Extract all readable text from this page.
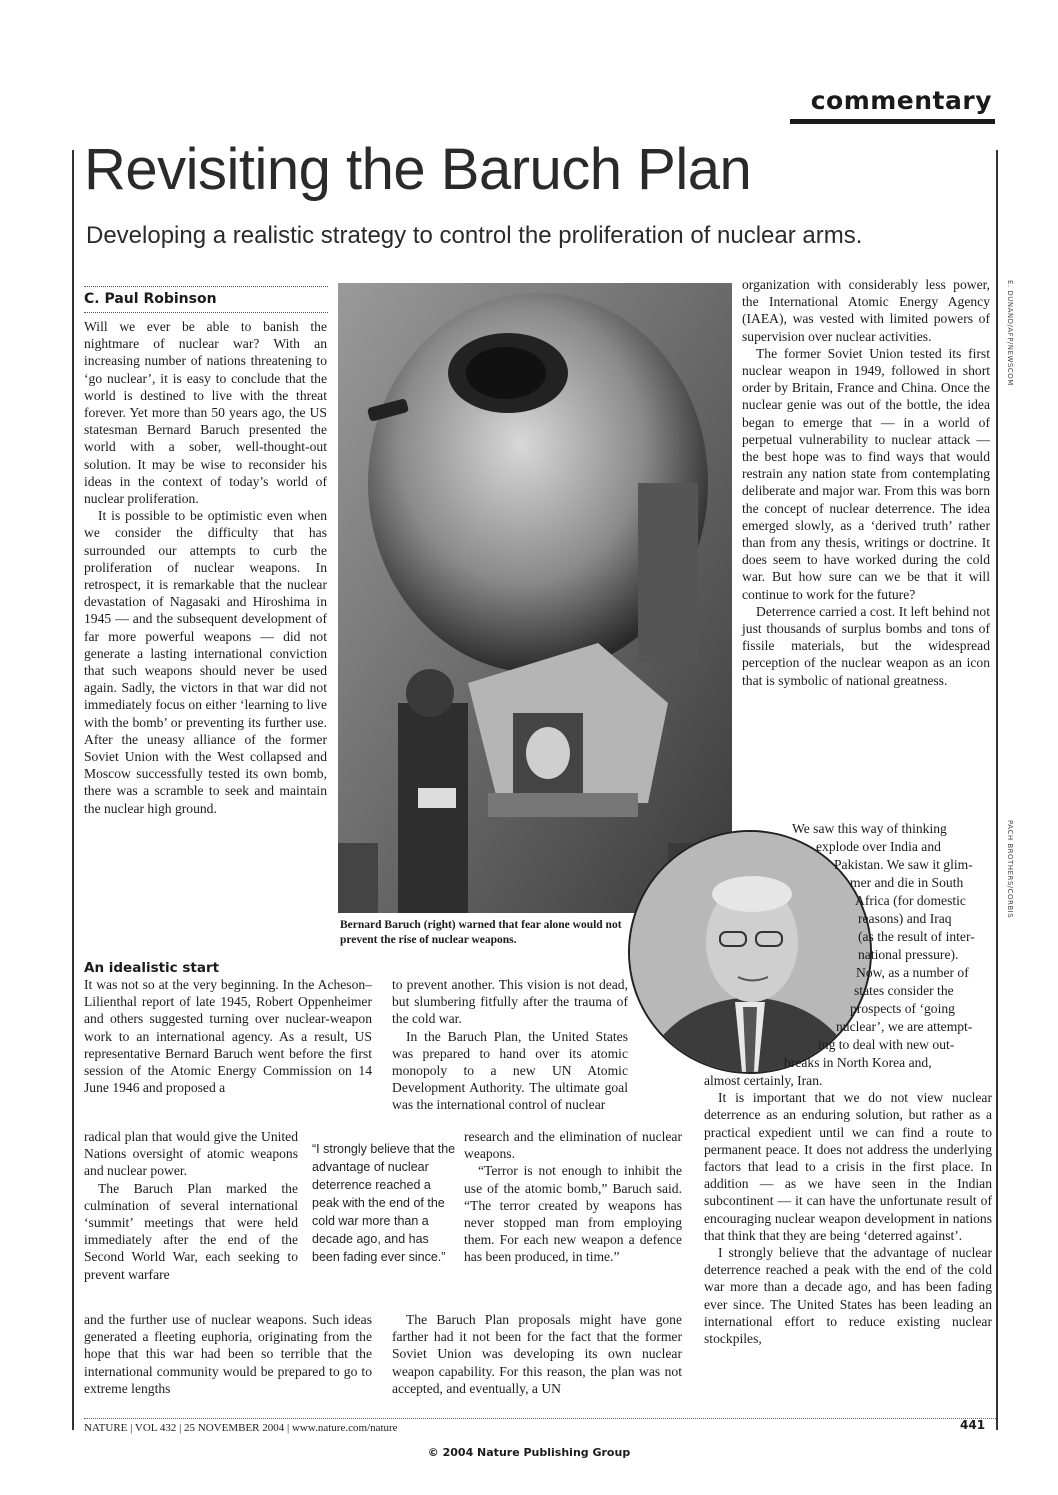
commentary
Revisiting the Baruch Plan
Developing a realistic strategy to control the proliferation of nuclear arms.
C. Paul Robinson

Will we ever be able to banish the nightmare of nuclear war? With an increasing number of nations threatening to ‘go nuclear’, it is easy to conclude that the world is destined to live with the threat forever. Yet more than 50 years ago, the US statesman Bernard Baruch presented the world with a sober, well-thought-out solution. It may be wise to reconsider his ideas in the context of today’s world of nuclear proliferation.

It is possible to be optimistic even when we consider the difficulty that has surrounded our attempts to curb the proliferation of nuclear weapons. In retrospect, it is remarkable that the nuclear devastation of Nagasaki and Hiroshima in 1945 — and the subsequent development of far more powerful weapons — did not generate a lasting international conviction that such weapons should never be used again. Sadly, the victors in that war did not immediately focus on either ‘learning to live with the bomb’ or preventing its further use. After the uneasy alliance of the former Soviet Union with the West collapsed and Moscow successfully tested its own bomb, there was a scramble to seek and maintain the nuclear high ground.

E. DUNAND/AFP/NEWSCOM
Bernard Baruch (right) warned that fear alone would not prevent the rise of nuclear weapons.
PACH BROTHERS/CORBIS
An idealistic start

It was not so at the very beginning. In the Acheson–Lilienthal report of late 1945, Robert Oppenheimer and others suggested turning over nuclear-weapon work to an international agency. As a result, US representative Bernard Baruch went before the first session of the Atomic Energy Commission on 14 June 1946 and proposed a

radical plan that would give the United Nations oversight of atomic weapons and nuclear power.

The Baruch Plan marked the culmination of several international ‘summit’ meetings that were held immediately after the end of the Second World War, each seeking to prevent warfare

and the further use of nuclear weapons. Such ideas generated a fleeting euphoria, originating from the hope that this war had been so terrible that the international community would be prepared to go to extreme lengths

“I strongly believe that the advantage of nuclear deterrence reached a peak with the end of the cold war more than a decade ago, and has been fading ever since.”

to prevent another. This vision is not dead, but slumbering fitfully after the trauma of the cold war.

In the Baruch Plan, the United States was prepared to hand over its atomic monopoly to a new UN Atomic Development Authority. The ultimate goal was the international control of nuclear

research and the elimination of nuclear weapons.

“Terror is not enough to inhibit the use of the atomic bomb,” Baruch said. “The terror created by weapons has never stopped man from employing them. For each new weapon a defence has been produced, in time.”

The Baruch Plan proposals might have gone farther had it not been for the fact that the former Soviet Union was developing its own nuclear weapon capability. For this reason, the plan was not accepted, and eventually, a UN

organization with considerably less power, the International Atomic Energy Agency (IAEA), was vested with limited powers of supervision over nuclear activities.

The former Soviet Union tested its first nuclear weapon in 1949, followed in short order by Britain, France and China. Once the nuclear genie was out of the bottle, the idea began to emerge that — in a world of perpetual vulnerability to nuclear attack — the best hope was to find ways that would restrain any nation state from contemplating deliberate and major war. From this was born the concept of nuclear deterrence. The idea emerged slowly, as a ‘derived truth’ rather than from any thesis, writings or doctrine. It does seem to have worked during the cold war. But how sure can we be that it will continue to work for the future?

Deterrence carried a cost. It left behind not just thousands of surplus bombs and tons of fissile materials, but the widespread perception of the nuclear weapon as an icon that is symbolic of national greatness.

We saw this way of thinking
explode over India and
Pakistan. We saw it glim-
mer and die in South
Africa (for domestic
reasons) and Iraq
(as the result of inter-
national pressure).
Now, as a number of
states consider the
prospects of ‘going
nuclear’, we are attempt-
ing to deal with new out-
breaks in North Korea and,

almost certainly, Iran.

It is important that we do not view nuclear deterrence as an enduring solution, but rather as a practical expedient until we can find a route to permanent peace. It does not address the underlying factors that lead to a crisis in the first place. In addition — as we have seen in the Indian subcontinent — it can have the unfortunate result of encouraging nuclear weapon development in nations that think that they are being ‘deterred against’.

I strongly believe that the advantage of nuclear deterrence reached a peak with the end of the cold war more than a decade ago, and has been fading ever since. The United States has been leading an international effort to reduce existing nuclear stockpiles,

NATURE | VOL 432 | 25 NOVEMBER 2004 | www.nature.com/nature	441
© 2004 Nature Publishing Group
